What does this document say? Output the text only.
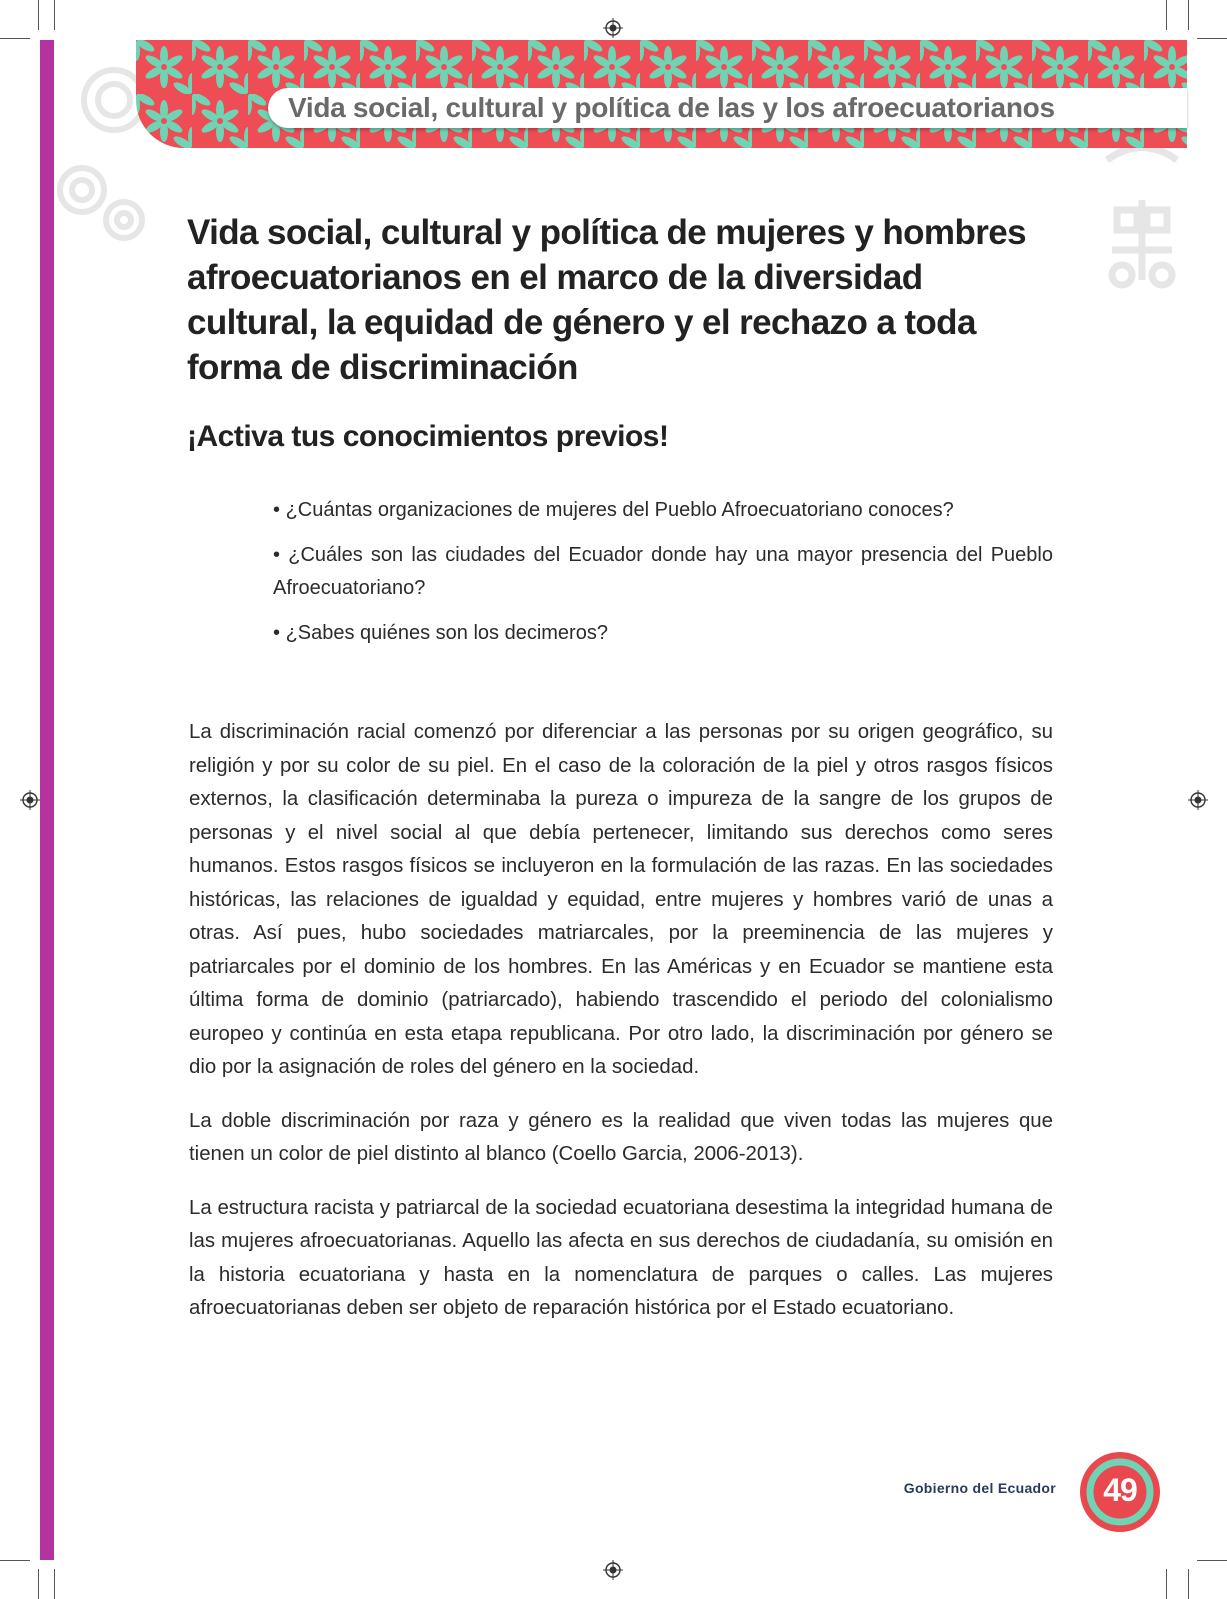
Vida social, cultural y política de las y los afroecuatorianos
Vida social, cultural y política de mujeres y hombres afroecuatorianos en el marco de la diversidad cultural, la equidad de género y el rechazo a toda forma de discriminación
¡Activa tus conocimientos previos!
• ¿Cuántas organizaciones de mujeres del Pueblo Afroecuatoriano conoces?
• ¿Cuáles son las ciudades del Ecuador donde hay una mayor presencia del Pueblo Afroecuatoriano?
• ¿Sabes quiénes son los decimeros?

La discriminación racial comenzó por diferenciar a las personas por su origen geográfico, su religión y por su color de su piel. En el caso de la coloración de la piel y otros rasgos físicos externos, la clasificación determinaba la pureza o impureza de la sangre de los grupos de personas y el nivel social al que debía pertenecer, limitando sus derechos como seres humanos. Estos rasgos físicos se incluyeron en la formulación de las razas. En las sociedades históricas, las relaciones de igualdad y equidad, entre mujeres y hombres varió de unas a otras. Así pues, hubo sociedades matriarcales, por la preeminencia de las mujeres y patriarcales por el dominio de los hombres. En las Américas y en Ecuador se mantiene esta última forma de dominio (patriarcado), habiendo trascendido el periodo del colonialismo europeo y continúa en esta etapa republicana. Por otro lado, la discriminación por género se dio por la asignación de roles del género en la sociedad.

La doble discriminación por raza y género es la realidad que viven todas las mujeres que tienen un color de piel distinto al blanco (Coello Garcia, 2006-2013).

La estructura racista y patriarcal de la sociedad ecuatoriana desestima la integridad humana de las mujeres afroecuatorianas. Aquello las afecta en sus derechos de ciudadanía, su omisión en la historia ecuatoriana y hasta en la nomenclatura de parques o calles. Las mujeres afroecuatorianas deben ser objeto de reparación histórica por el Estado ecuatoriano.

Gobierno del Ecuador	49
